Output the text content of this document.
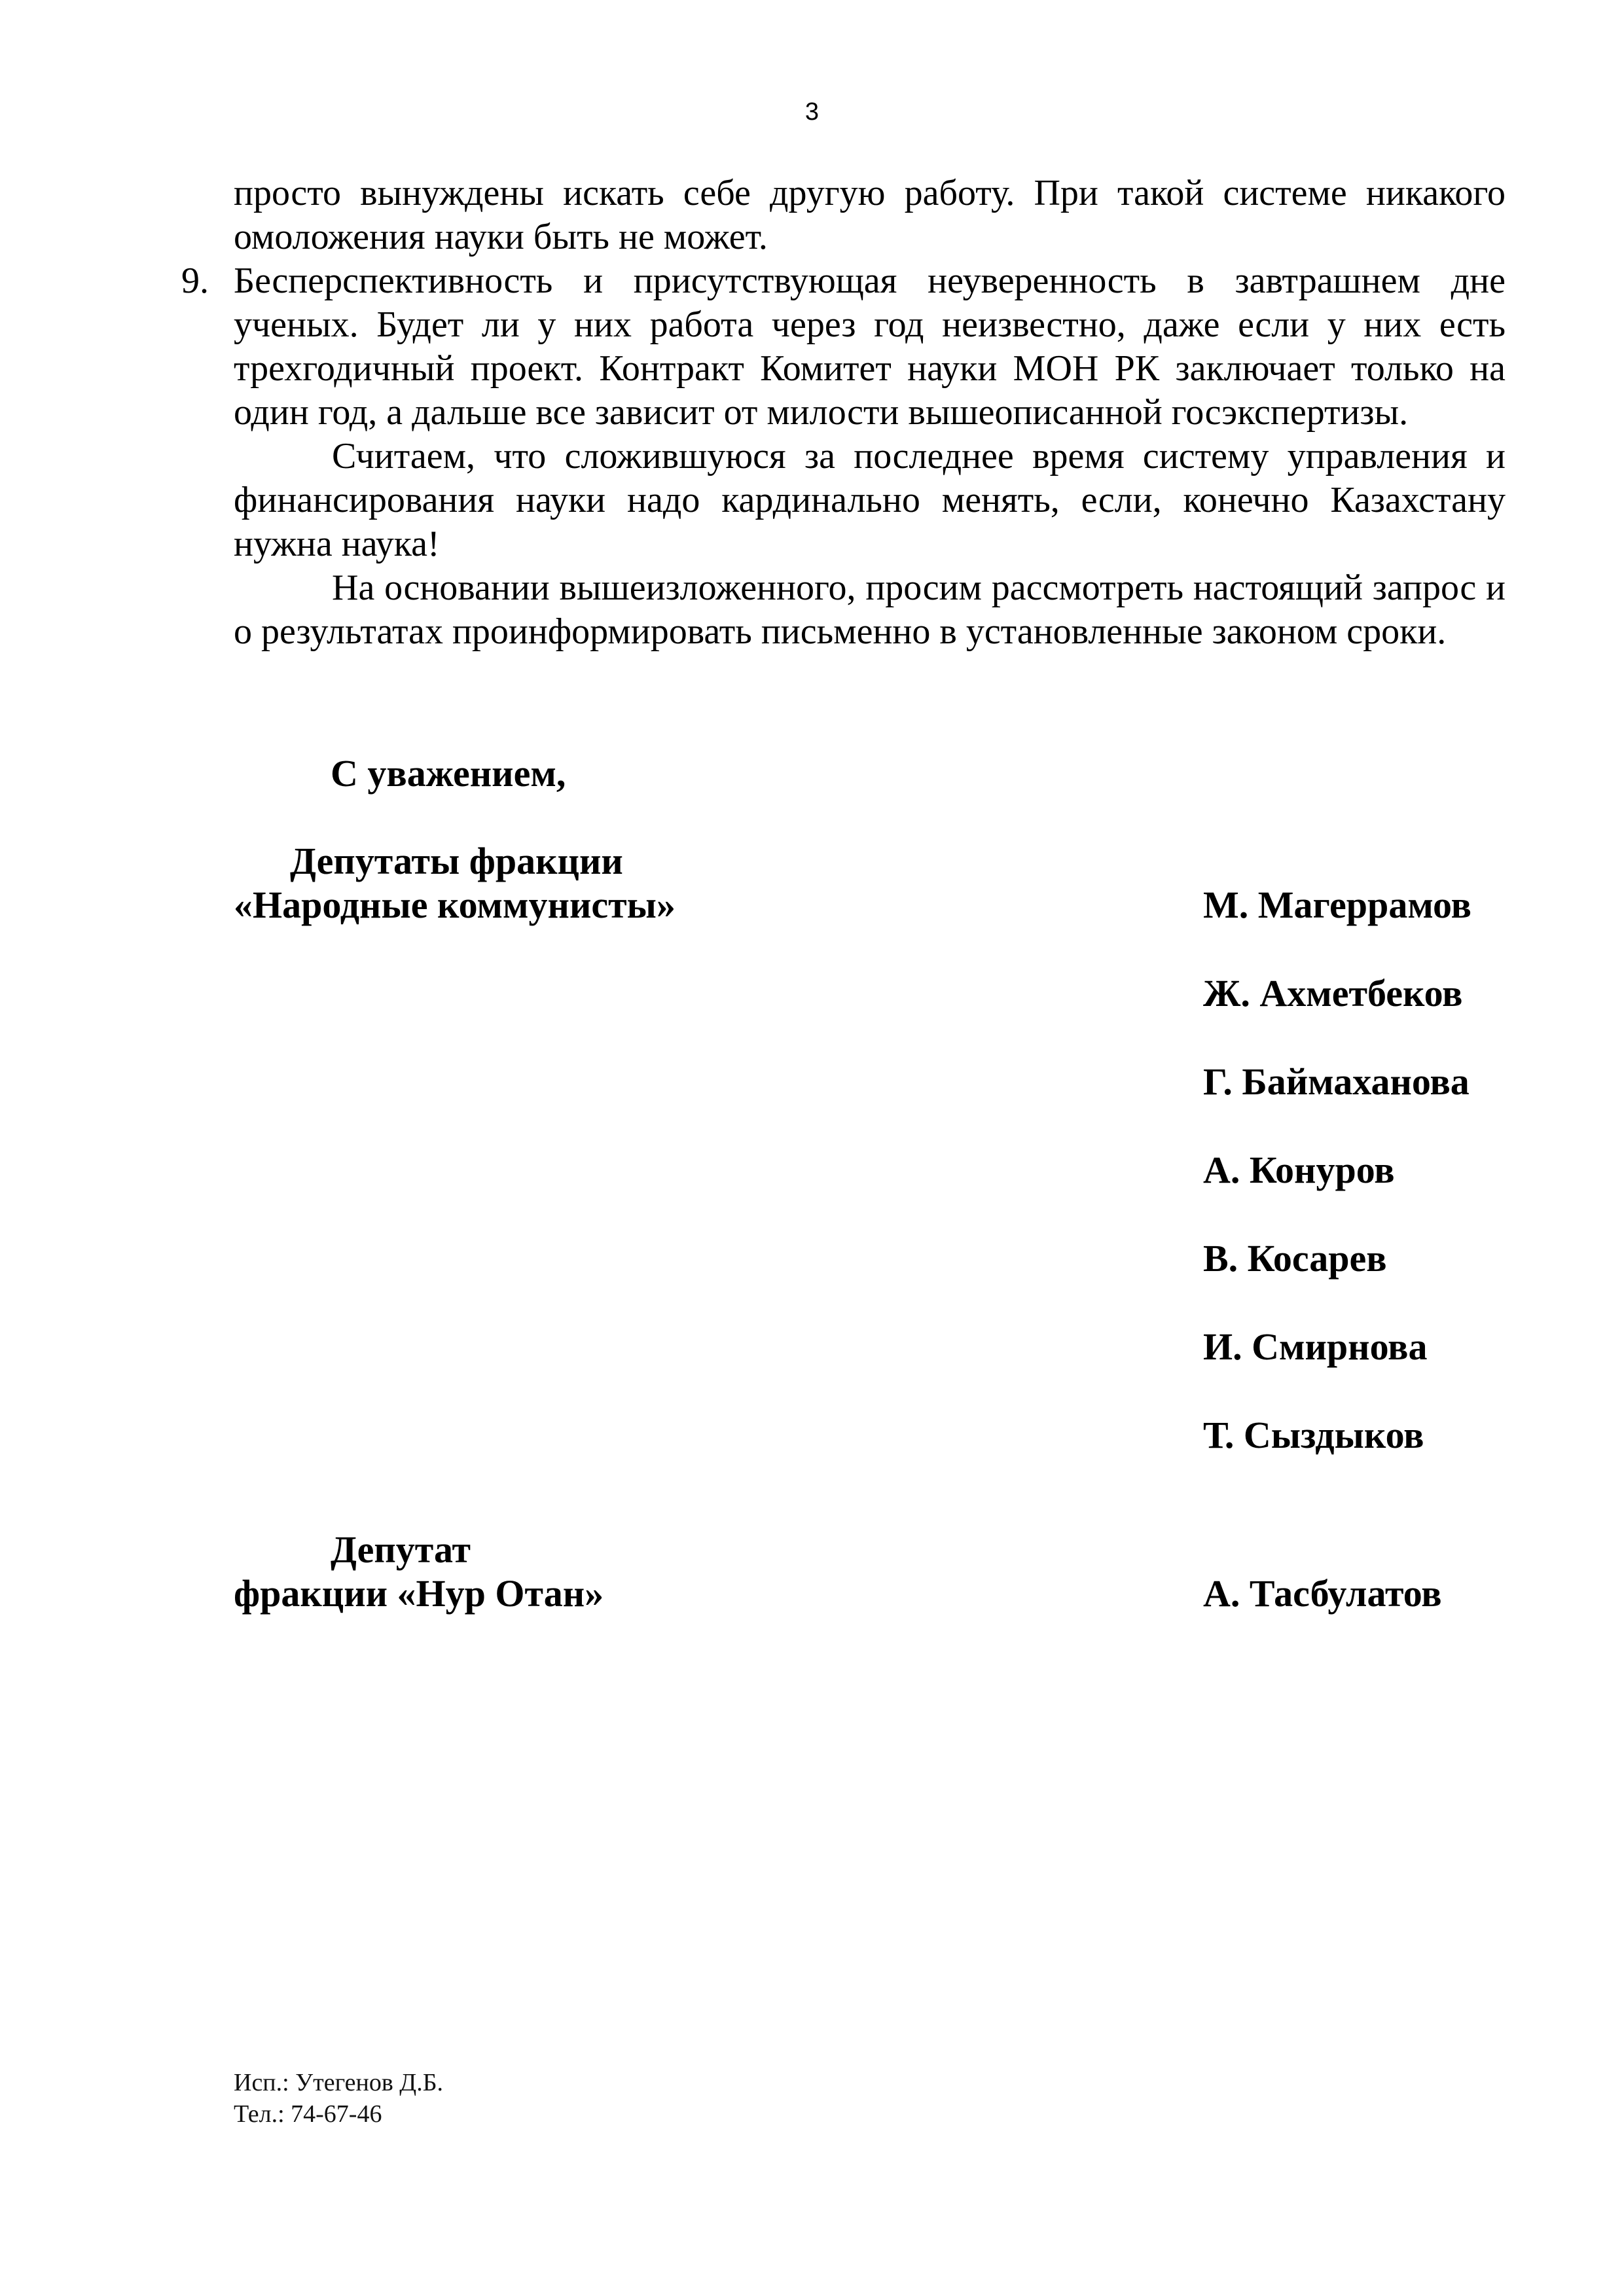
3
просто вынуждены искать себе другую работу. При такой системе никакого омоложения науки быть не может.
9. Бесперспективность и присутствующая неуверенность в завтрашнем дне ученых. Будет ли у них работа через год неизвестно, даже если у них есть трехгодичный проект. Контракт Комитет науки МОН РК заключает только на один год, а дальше все зависит от милости вышеописанной госэкспертизы.
Считаем, что сложившуюся за последнее время систему управления и финансирования науки надо кардинально менять, если, конечно Казахстану нужна наука!
На основании вышеизложенного, просим рассмотреть настоящий запрос и о результатах проинформировать письменно в установленные законом сроки.
С уважением,
Депутаты фракции
«Народные коммунисты»	М. Магеррамов
Ж. Ахметбеков
Г. Баймаханова
А. Конуров
В. Косарев
И. Смирнова
Т. Сыздыков
Депутат
фракции «Нур Отан»	А. Тасбулатов
Исп.: Утегенов Д.Б.
Тел.: 74-67-46
